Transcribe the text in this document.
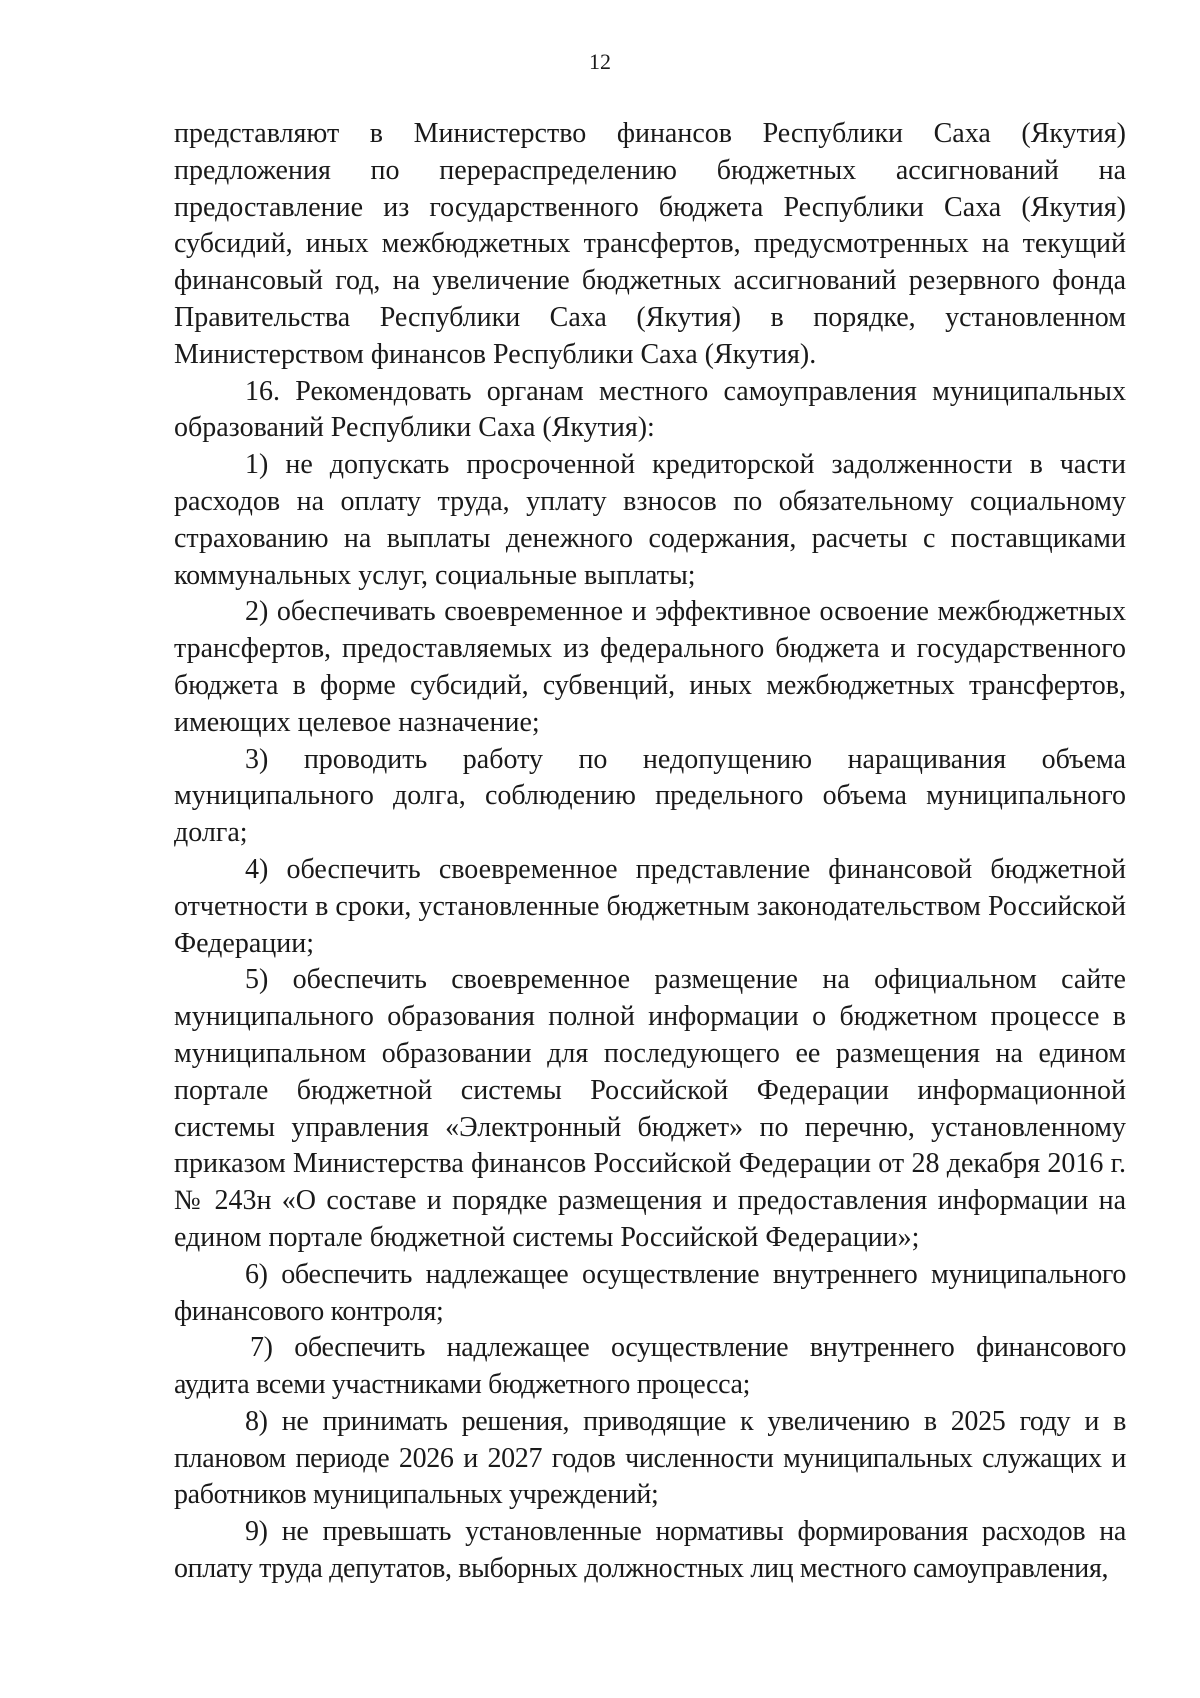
12

представляют в Министерство финансов Республики Саха (Якутия) предложения по перераспределению бюджетных ассигнований на предоставление из государственного бюджета Республики Саха (Якутия) субсидий, иных межбюджетных трансфертов, предусмотренных на текущий финансовый год, на увеличение бюджетных ассигнований резервного фонда Правительства Республики Саха (Якутия) в порядке, установленном Министерством финансов Республики Саха (Якутия).

16. Рекомендовать органам местного самоуправления муниципальных образований Республики Саха (Якутия):

1) не допускать просроченной кредиторской задолженности в части расходов на оплату труда, уплату взносов по обязательному социальному страхованию на выплаты денежного содержания, расчеты с поставщиками коммунальных услуг, социальные выплаты;

2) обеспечивать своевременное и эффективное освоение межбюджетных трансфертов, предоставляемых из федерального бюджета и государственного бюджета в форме субсидий, субвенций, иных межбюджетных трансфертов, имеющих целевое назначение;

3) проводить работу по недопущению наращивания объема муниципального долга, соблюдению предельного объема муниципального долга;

4) обеспечить своевременное представление финансовой бюджетной отчетности в сроки, установленные бюджетным законодательством Российской Федерации;

5) обеспечить своевременное размещение на официальном сайте муниципального образования полной информации о бюджетном процессе в муниципальном образовании для последующего ее размещения на едином портале бюджетной системы Российской Федерации информационной системы управления «Электронный бюджет» по перечню, установленному приказом Министерства финансов Российской Федерации от 28 декабря 2016 г. № 243н «О составе и порядке размещения и предоставления информации на едином портале бюджетной системы Российской Федерации»;

6) обеспечить надлежащее осуществление внутреннего муниципального финансового контроля;

7) обеспечить надлежащее осуществление внутреннего финансового аудита всеми участниками бюджетного процесса;

8) не принимать решения, приводящие к увеличению в 2025 году и в плановом периоде 2026 и 2027 годов численности муниципальных служащих и работников муниципальных учреждений;

9) не превышать установленные нормативы формирования расходов на оплату труда депутатов, выборных должностных лиц местного самоуправления,
